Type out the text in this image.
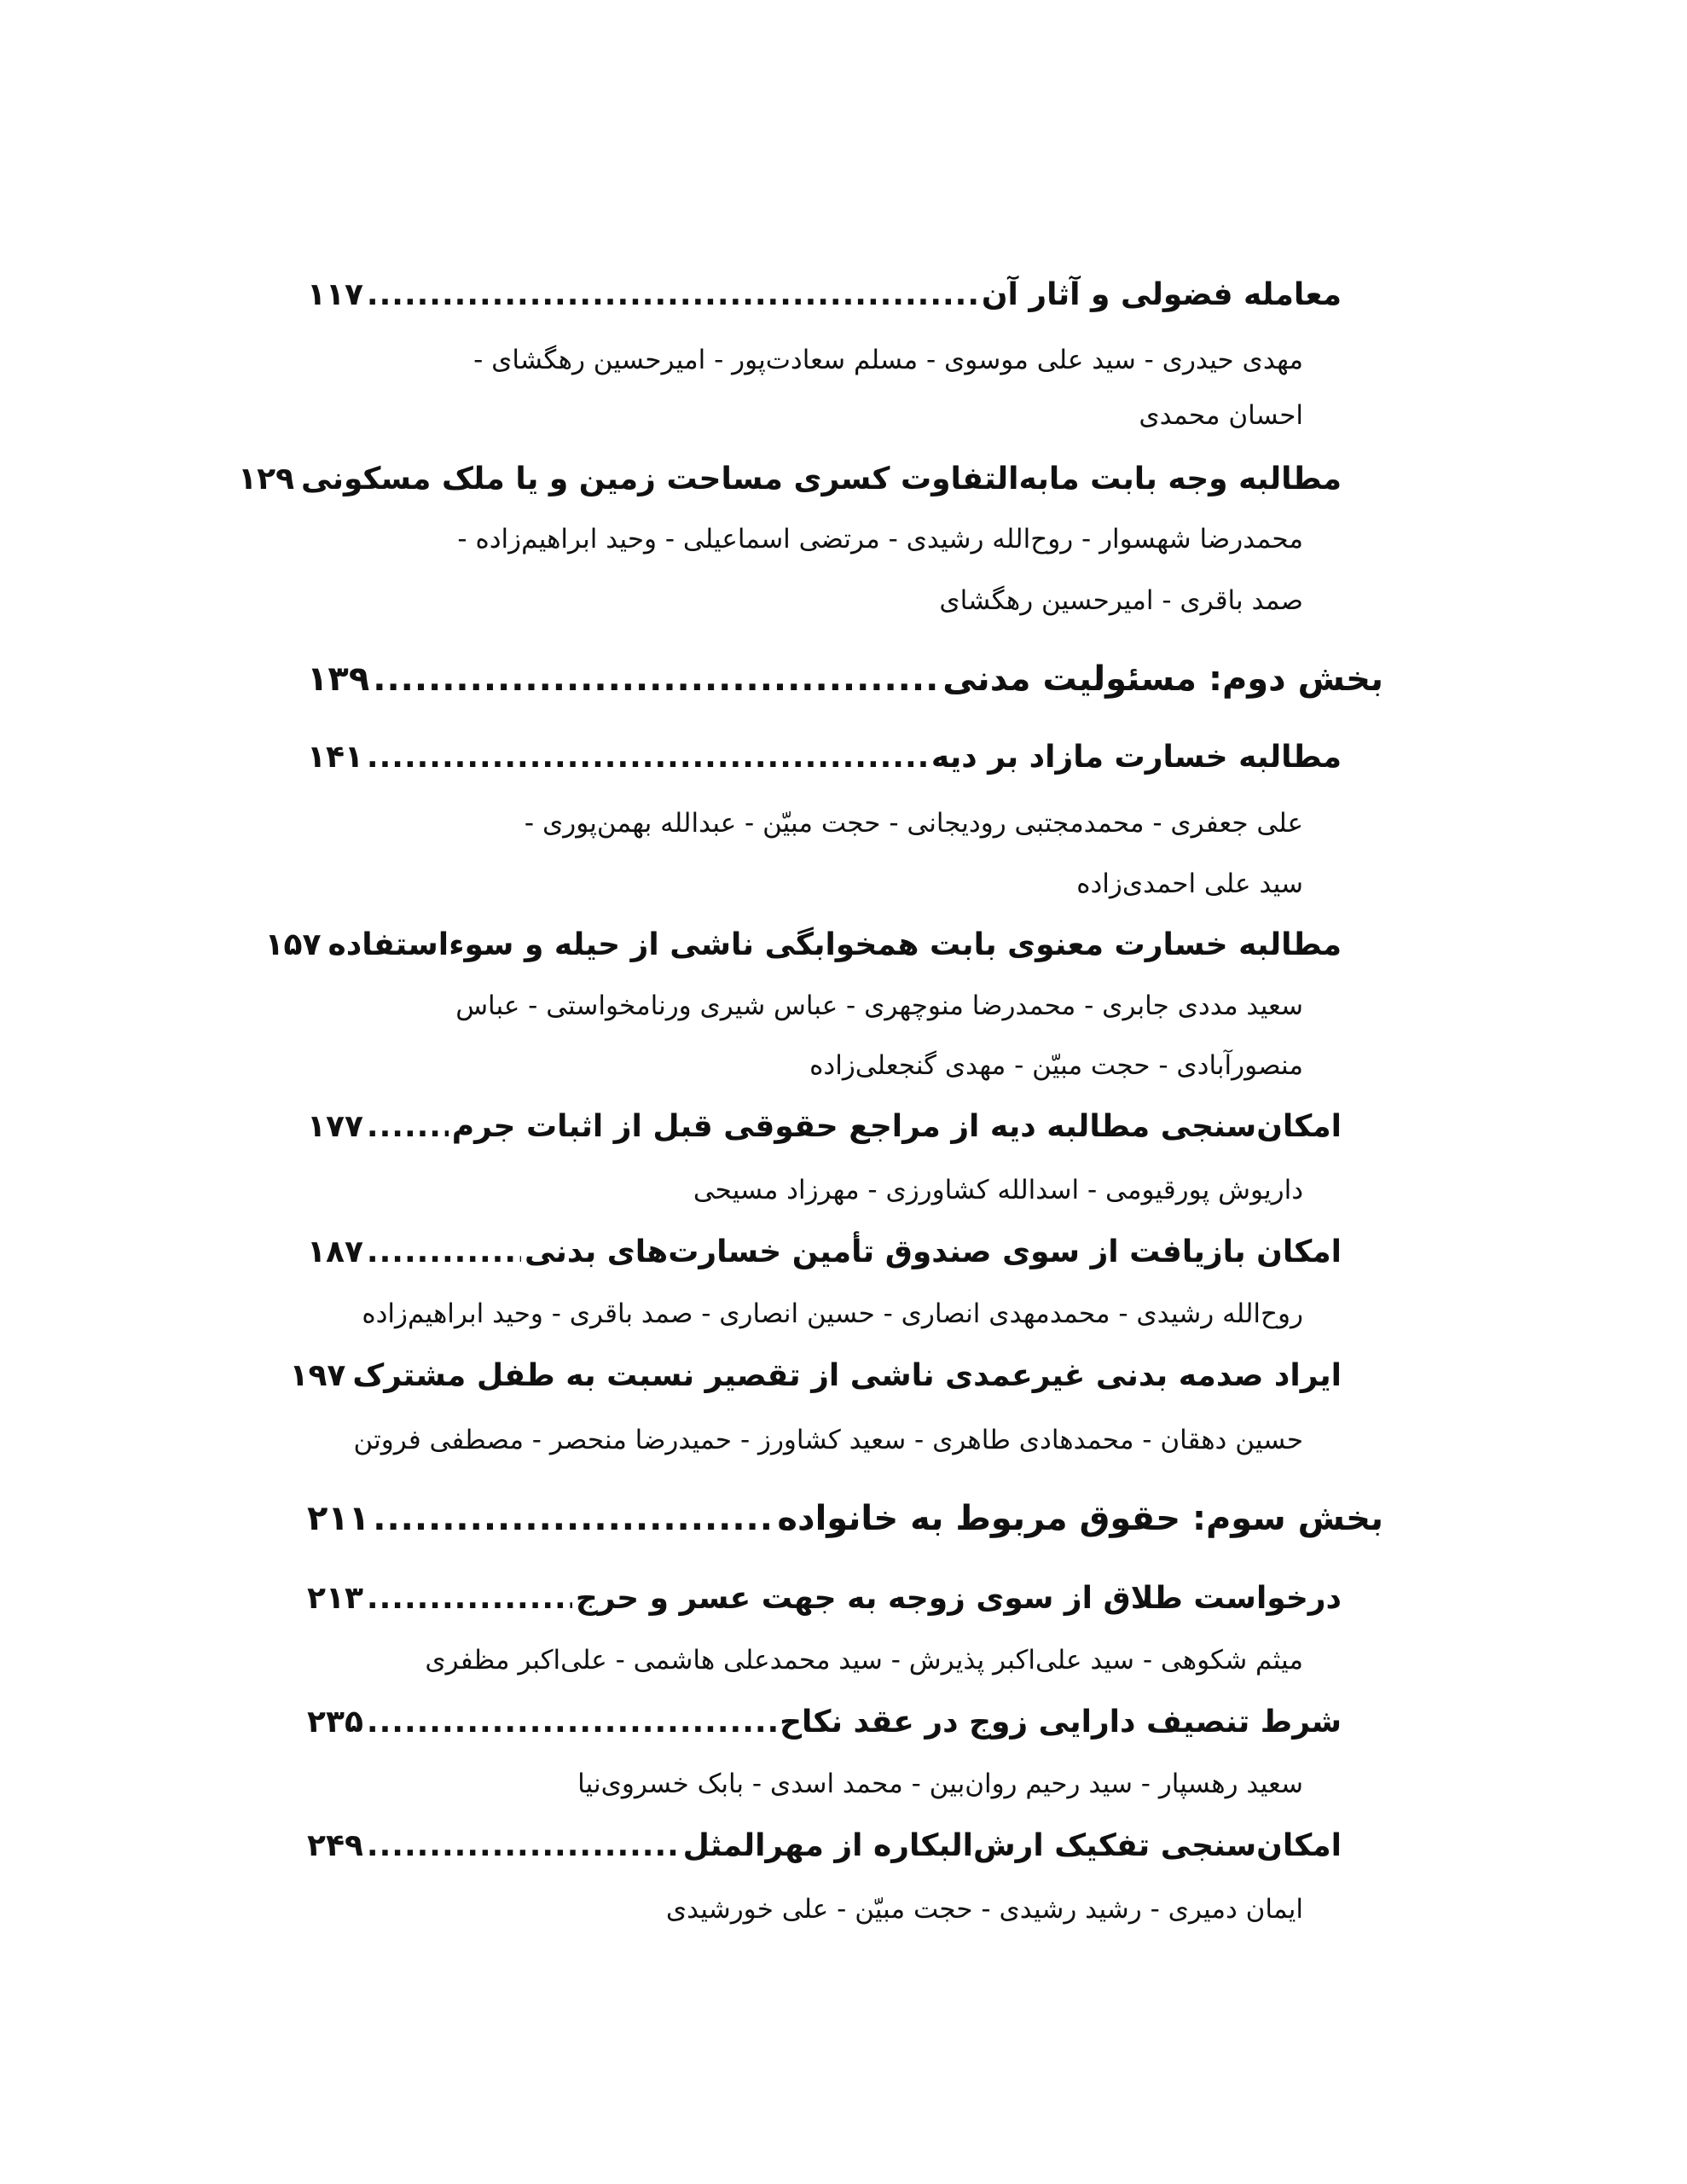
معامله فضولی و آثار آن
.....
۱۱۷
مهدی حیدری - سید علی موسوی - مسلم سعادت‌پور - امیرحسین رهگشای -
احسان محمدی
مطالبه وجه بابت مابه‌التفاوت کسری مساحت زمین و یا ملک مسکونی
۱۲۹
محمدرضا شهسوار - روح‌الله رشیدی - مرتضی اسماعیلی - وحید ابراهیم‌زاده -
صمد باقری - امیرحسین رهگشای
بخش دوم: مسئولیت مدنی
.....
۱۳۹
مطالبه خسارت مازاد بر دیه
.....
۱۴۱
علی جعفری - محمدمجتبی رودیجانی - حجت مبیّن - عبدالله بهمن‌پوری -
سید علی احمدی‌زاده
مطالبه خسارت معنوی بابت همخوابگی ناشی از حیله و سوءاستفاده
۱۵۷
سعید مددی جابری - محمدرضا منوچهری - عباس شیری ورنامخواستی - عباس
منصورآبادی - حجت مبیّن - مهدی گنجعلی‌زاده
امکان‌سنجی مطالبه دیه از مراجع حقوقی قبل از اثبات جرم
.....
۱۷۷
داریوش پورقیومی - اسدالله کشاورزی - مهرزاد مسیحی
امکان بازیافت از سوی صندوق تأمین خسارت‌های بدنی
.....
۱۸۷
روح‌الله رشیدی - محمدمهدی انصاری - حسین انصاری - صمد باقری - وحید ابراهیم‌زاده
ایراد صدمه بدنی غیرعمدی ناشی از تقصیر نسبت به طفل مشترک
۱۹۷
حسین دهقان - محمدهادی طاهری - سعید کشاورز - حمیدرضا منحصر - مصطفی فروتن
بخش سوم: حقوق مربوط به خانواده
.....
۲۱۱
درخواست طلاق از سوی زوجه به جهت عسر و حرج
.....
۲۱۳
میثم شکوهی - سید علی‌اکبر پذیرش - سید محمدعلی هاشمی - علی‌اکبر مظفری
شرط تنصیف دارایی زوج در عقد نکاح
.....
۲۳۵
سعید رهسپار - سید رحیم روان‌بین - محمد اسدی - بابک خسروی‌نیا
امکان‌سنجی تفکیک ارش‌البکاره از مهرالمثل
.....
۲۴۹
ایمان دمیری - رشید رشیدی - حجت مبیّن - علی خورشیدی
